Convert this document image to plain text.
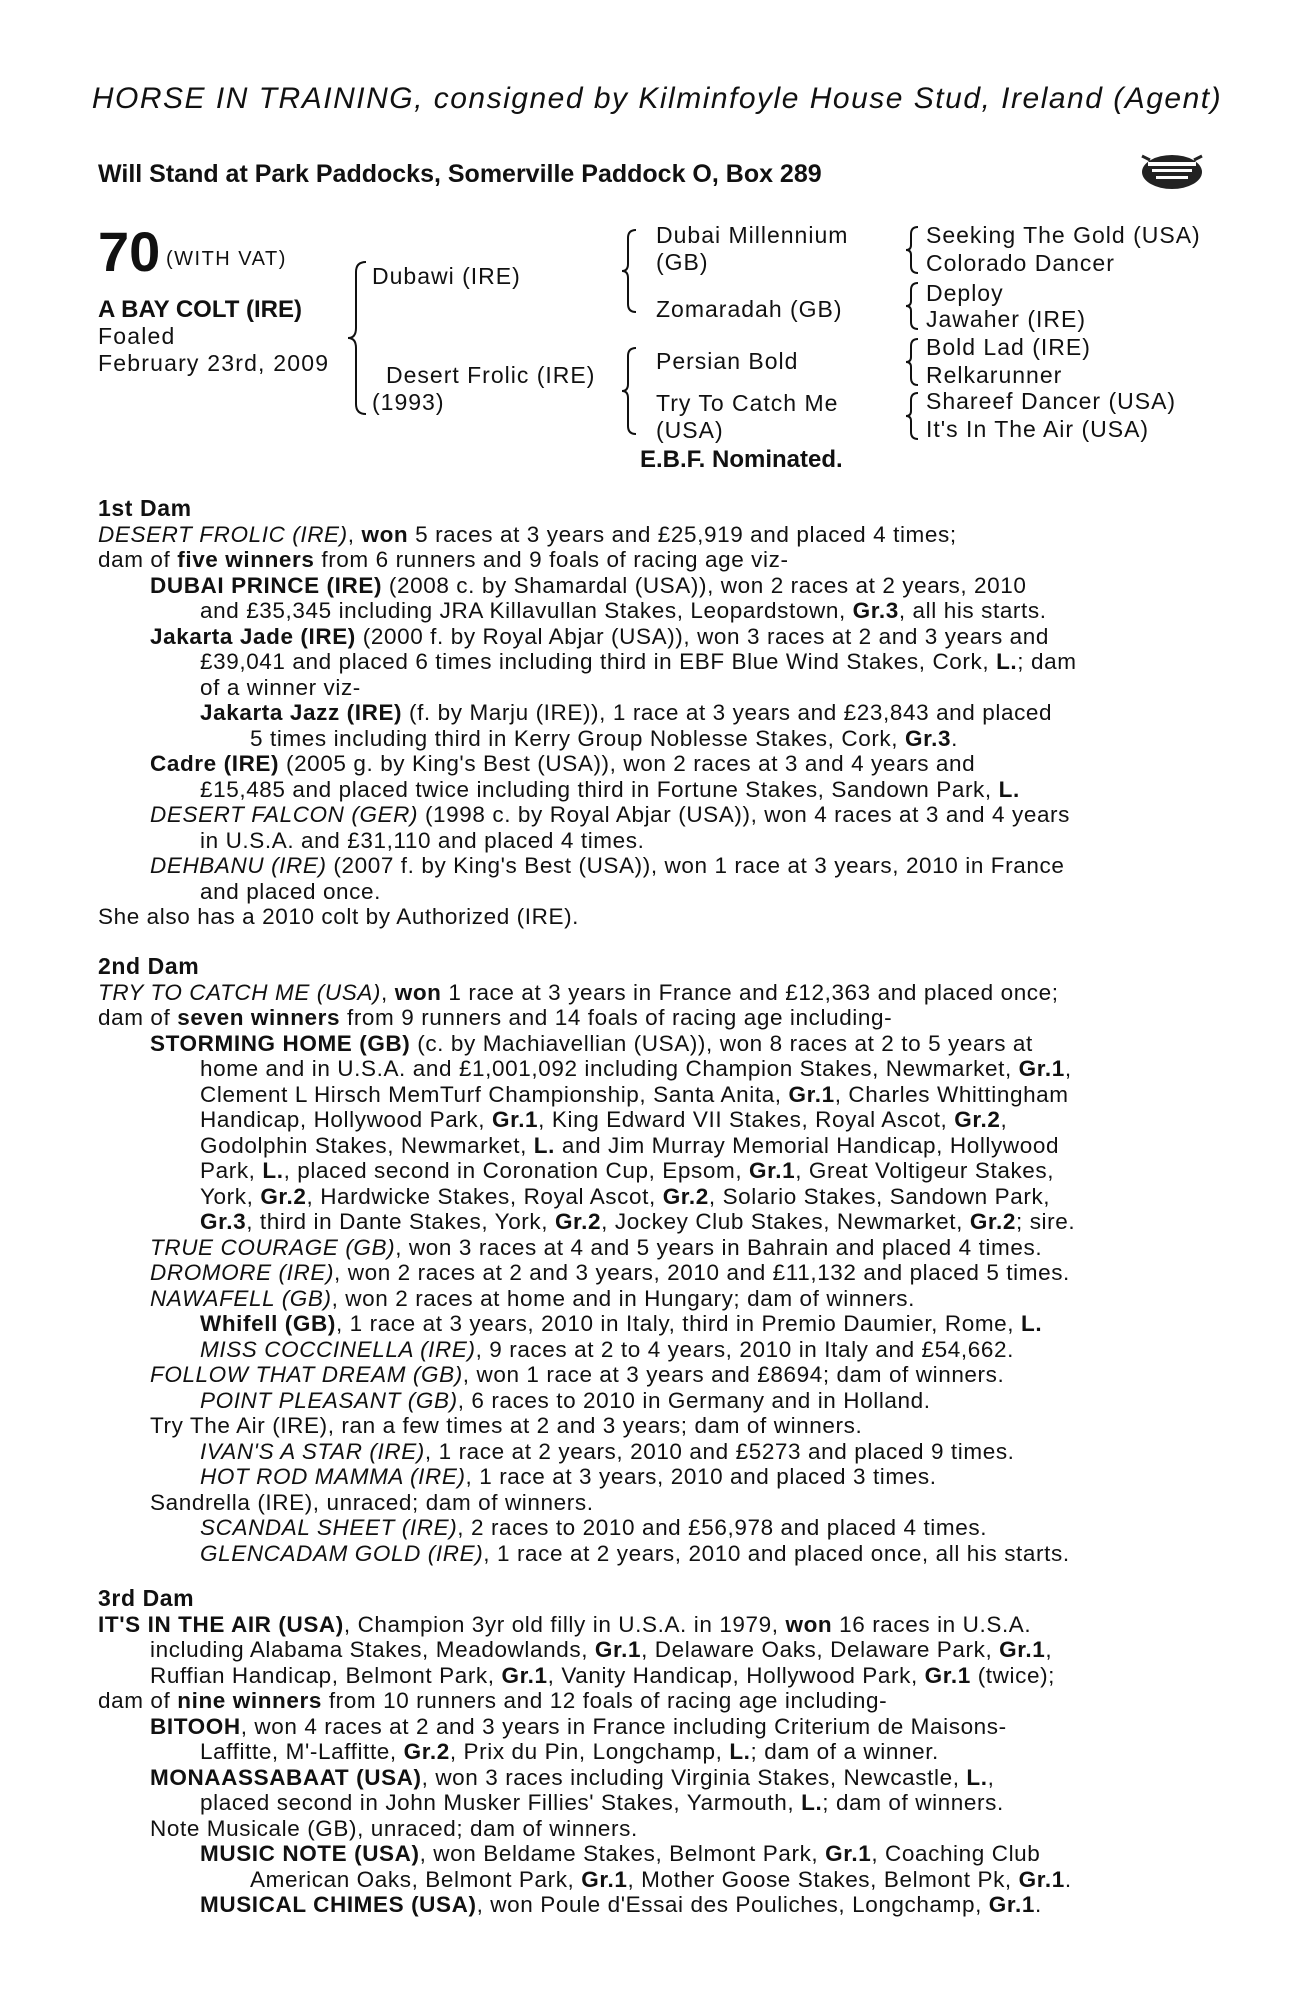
HORSE IN TRAINING, consigned by Kilminfoyle House Stud, Ireland (Agent)
Will Stand at Park Paddocks, Somerville Paddock O, Box 289
70 (WITH VAT)
A BAY COLT (IRE)
Foaled
February 23rd, 2009
Dubawi (IRE)
Desert Frolic (IRE)
(1993)
Dubai Millennium
(GB)
Zomaradah (GB)
Persian Bold
Try To Catch Me
(USA)
Seeking The Gold (USA)
Colorado Dancer
Deploy
Jawaher (IRE)
Bold Lad (IRE)
Relkarunner
Shareef Dancer (USA)
It's In The Air (USA)
E.B.F. Nominated.
1st Dam
DESERT FROLIC (IRE), won 5 races at 3 years and £25,919 and placed 4 times;
dam of five winners from 6 runners and 9 foals of racing age viz-
DUBAI PRINCE (IRE) (2008 c. by Shamardal (USA)), won 2 races at 2 years, 2010
and £35,345 including JRA Killavullan Stakes, Leopardstown, Gr.3, all his starts.
Jakarta Jade (IRE) (2000 f. by Royal Abjar (USA)), won 3 races at 2 and 3 years and
£39,041 and placed 6 times including third in EBF Blue Wind Stakes, Cork, L.; dam
of a winner viz-
Jakarta Jazz (IRE) (f. by Marju (IRE)), 1 race at 3 years and £23,843 and placed
5 times including third in Kerry Group Noblesse Stakes, Cork, Gr.3.
Cadre (IRE) (2005 g. by King's Best (USA)), won 2 races at 3 and 4 years and
£15,485 and placed twice including third in Fortune Stakes, Sandown Park, L.
DESERT FALCON (GER) (1998 c. by Royal Abjar (USA)), won 4 races at 3 and 4 years
in U.S.A. and £31,110 and placed 4 times.
DEHBANU (IRE) (2007 f. by King's Best (USA)), won 1 race at 3 years, 2010 in France
and placed once.
She also has a 2010 colt by Authorized (IRE).
2nd Dam
TRY TO CATCH ME (USA), won 1 race at 3 years in France and £12,363 and placed once;
dam of seven winners from 9 runners and 14 foals of racing age including-
STORMING HOME (GB) (c. by Machiavellian (USA)), won 8 races at 2 to 5 years at
home and in U.S.A. and £1,001,092 including Champion Stakes, Newmarket, Gr.1,
Clement L Hirsch MemTurf Championship, Santa Anita, Gr.1, Charles Whittingham
Handicap, Hollywood Park, Gr.1, King Edward VII Stakes, Royal Ascot, Gr.2,
Godolphin Stakes, Newmarket, L. and Jim Murray Memorial Handicap, Hollywood
Park, L., placed second in Coronation Cup, Epsom, Gr.1, Great Voltigeur Stakes,
York, Gr.2, Hardwicke Stakes, Royal Ascot, Gr.2, Solario Stakes, Sandown Park,
Gr.3, third in Dante Stakes, York, Gr.2, Jockey Club Stakes, Newmarket, Gr.2; sire.
TRUE COURAGE (GB), won 3 races at 4 and 5 years in Bahrain and placed 4 times.
DROMORE (IRE), won 2 races at 2 and 3 years, 2010 and £11,132 and placed 5 times.
NAWAFELL (GB), won 2 races at home and in Hungary; dam of winners.
Whifell (GB), 1 race at 3 years, 2010 in Italy, third in Premio Daumier, Rome, L.
MISS COCCINELLA (IRE), 9 races at 2 to 4 years, 2010 in Italy and £54,662.
FOLLOW THAT DREAM (GB), won 1 race at 3 years and £8694; dam of winners.
POINT PLEASANT (GB), 6 races to 2010 in Germany and in Holland.
Try The Air (IRE), ran a few times at 2 and 3 years; dam of winners.
IVAN'S A STAR (IRE), 1 race at 2 years, 2010 and £5273 and placed 9 times.
HOT ROD MAMMA (IRE), 1 race at 3 years, 2010 and placed 3 times.
Sandrella (IRE), unraced; dam of winners.
SCANDAL SHEET (IRE), 2 races to 2010 and £56,978 and placed 4 times.
GLENCADAM GOLD (IRE), 1 race at 2 years, 2010 and placed once, all his starts.
3rd Dam
IT'S IN THE AIR (USA), Champion 3yr old filly in U.S.A. in 1979, won 16 races in U.S.A.
including Alabama Stakes, Meadowlands, Gr.1, Delaware Oaks, Delaware Park, Gr.1,
Ruffian Handicap, Belmont Park, Gr.1, Vanity Handicap, Hollywood Park, Gr.1 (twice);
dam of nine winners from 10 runners and 12 foals of racing age including-
BITOOH, won 4 races at 2 and 3 years in France including Criterium de Maisons-
Laffitte, M'-Laffitte, Gr.2, Prix du Pin, Longchamp, L.; dam of a winner.
MONAASSABAAT (USA), won 3 races including Virginia Stakes, Newcastle, L.,
placed second in John Musker Fillies' Stakes, Yarmouth, L.; dam of winners.
Note Musicale (GB), unraced; dam of winners.
MUSIC NOTE (USA), won Beldame Stakes, Belmont Park, Gr.1, Coaching Club
American Oaks, Belmont Park, Gr.1, Mother Goose Stakes, Belmont Pk, Gr.1.
MUSICAL CHIMES (USA), won Poule d'Essai des Pouliches, Longchamp, Gr.1.
